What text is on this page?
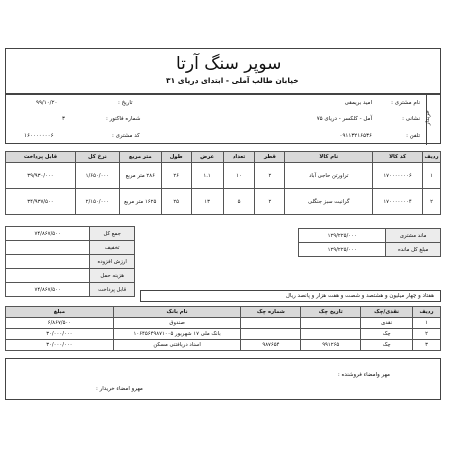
سوپر سنگ آرتا
خیابان طالب آملی - ابتدای دریای ۳۱
خریدار
نام مشتری :
امید بریمقی
نشانی :
آمل - کلکسر - دریای ۷۵
تلفن :
۰۹۱۱۳۲۱۶۵۳۶
تاریخ :
۹۹/۱۰/۲۰
شماره فاکتور :
۳
کد مشتری :
۱۶۰۰۰۰۰۰۰۶
ردیف	کد کالا	نام کالا	قطر	تعداد	عرض	طول	متر مربع	نرخ کل	قابل پرداخت
۱	۱۷۰۰۰۰۰۰۰۶	تراورتن حاجی آباد	۲	۱۰	۱.۱	۲۶	۲۸۶ متر مربع	۱/۶۵۰/۰۰۰	۳۹/۹۳۰/۰۰۰
۲	۱۷۰۰۰۰۰۰۰۴	گرانیت سبز جنگلی	۲	۵	۱۳	۲۵	۱۶۲۵ متر مربع	۲/۱۵۰/۰۰۰	۳۴/۹۳۷/۵۰۰
جمع کل	۷۴/۸۶۷/۵۰۰
تخفیف	
ارزش افزوده	
هزینه حمل	
قابل پرداخت	۷۴/۸۶۷/۵۰۰
ماند مشتری	۱۲۹/۲۲۵/۰۰۰
مبلغ کل مانده	۱۲۹/۲۲۵/۰۰۰
هفتاد و چهار میلیون و هشتصد و شصت و هفت هزار و پانصد ریال
ردیف	نقدی/چک	تاریخ چک	شماره چک	نام بانک	مبلغ
۱	نقدی			صندوق	۶/۸۶۷/۵۰۰
۲	چک			بانک ملی ۱۷ شهریور ۱۰۶۴۵۶۴۹۸۷۱۰۰۵	۳۰/۰۰۰/۰۰۰
۳	چک	۹۹۱۲۶۵	۹۸۷۶۵۴	اسناد دریافتنی مسکن	۳۰/۰۰۰/۰۰۰
مهر وامضاء فروشنده :
مهرو امضاء خریدار :
